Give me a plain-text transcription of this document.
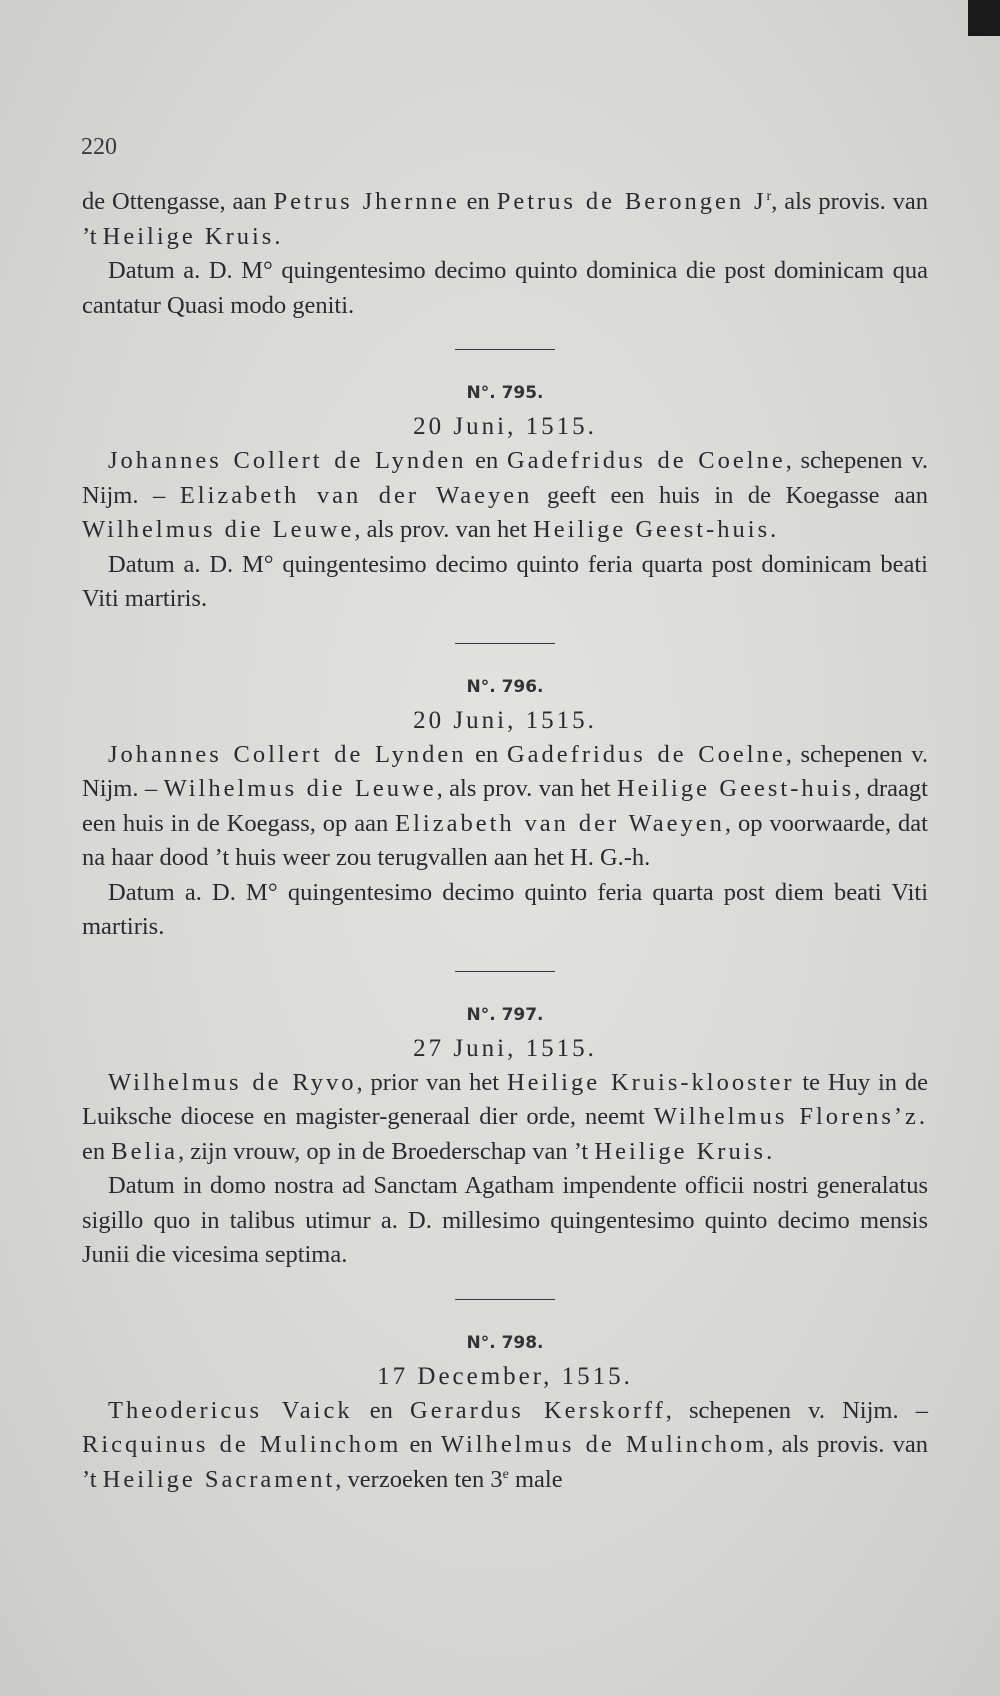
220

de Ottengasse, aan Petrus Jhernne en Petrus de Berongen $J^r$, als provis. van ’t Heilige Kruis.

Datum a. D. M° quingentesimo decimo quinto dominica die post dominicam qua cantatur Quasi modo geniti.

N°. 795.
20 Juni, 1515.

Johannes Collert de Lynden en Gadefridus de Coelne, schepenen v. Nijm. – Elizabeth van der Waeyen geeft een huis in de Koegasse aan Wilhelmus die Leuwe, als prov. van het Heilige Geest-huis.

Datum a. D. M° quingentesimo decimo quinto feria quarta post dominicam beati Viti martiris.

N°. 796.
20 Juni, 1515.

Johannes Collert de Lynden en Gadefridus de Coelne, schepenen v. Nijm. – Wilhelmus die Leuwe, als prov. van het Heilige Geest-huis, draagt een huis in de Koegass, op aan Elizabeth van der Waeyen, op voorwaarde, dat na haar dood ’t huis weer zou terugvallen aan het H. G.-h.

Datum a. D. M° quingentesimo decimo quinto feria quarta post diem beati Viti martiris.

N°. 797.
27 Juni, 1515.

Wilhelmus de Ryvo, prior van het Heilige Kruis-klooster te Huy in de Luiksche diocese en magister-generaal dier orde, neemt Wilhelmus Florens’z. en Belia, zijn vrouw, op in de Broederschap van ’t Heilige Kruis.

Datum in domo nostra ad Sanctam Agatham impendente officii nostri generalatus sigillo quo in talibus utimur a. D. millesimo quingentesimo quinto decimo mensis Junii die vicesima septima.

N°. 798.
17 December, 1515.

Theodericus Vaick en Gerardus Kerskorff, schepenen v. Nijm. – Ricquinus de Mulinchom en Wilhelmus de Mulinchom, als provis. van ’t Heilige Sacrament, verzoeken ten 3e male
